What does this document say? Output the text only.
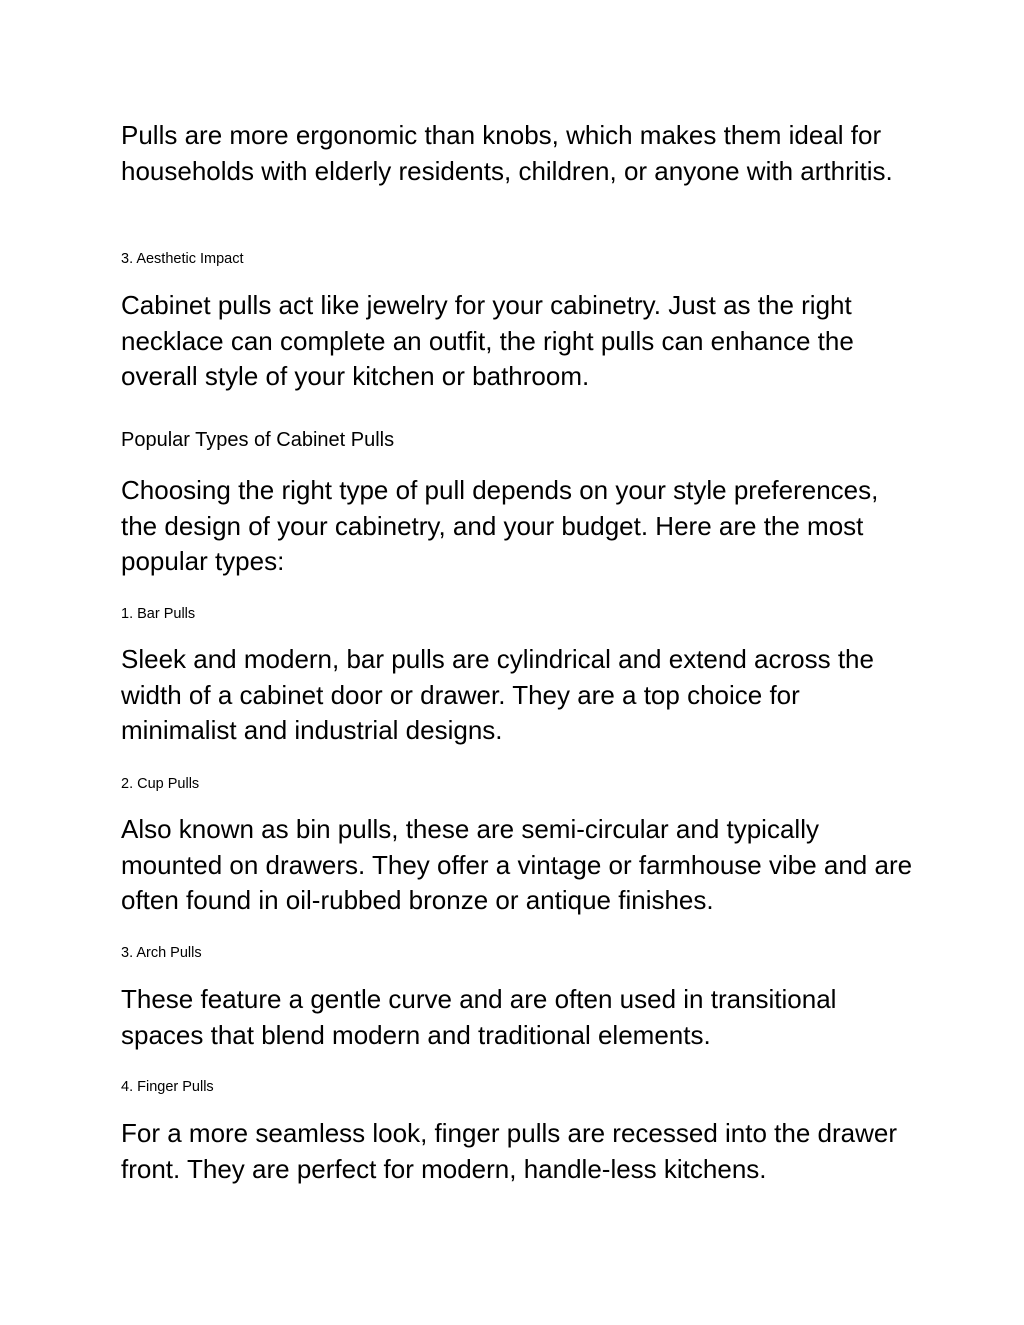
Pulls are more ergonomic than knobs, which makes them ideal for households with elderly residents, children, or anyone with arthritis.

3. Aesthetic Impact

Cabinet pulls act like jewelry for your cabinetry. Just as the right necklace can complete an outfit, the right pulls can enhance the overall style of your kitchen or bathroom.

Popular Types of Cabinet Pulls

Choosing the right type of pull depends on your style preferences, the design of your cabinetry, and your budget. Here are the most popular types:

1. Bar Pulls

Sleek and modern, bar pulls are cylindrical and extend across the width of a cabinet door or drawer. They are a top choice for minimalist and industrial designs.

2. Cup Pulls

Also known as bin pulls, these are semi-circular and typically mounted on drawers. They offer a vintage or farmhouse vibe and are often found in oil-rubbed bronze or antique finishes.

3. Arch Pulls

These feature a gentle curve and are often used in transitional spaces that blend modern and traditional elements.

4. Finger Pulls

For a more seamless look, finger pulls are recessed into the drawer front. They are perfect for modern, handle-less kitchens.
